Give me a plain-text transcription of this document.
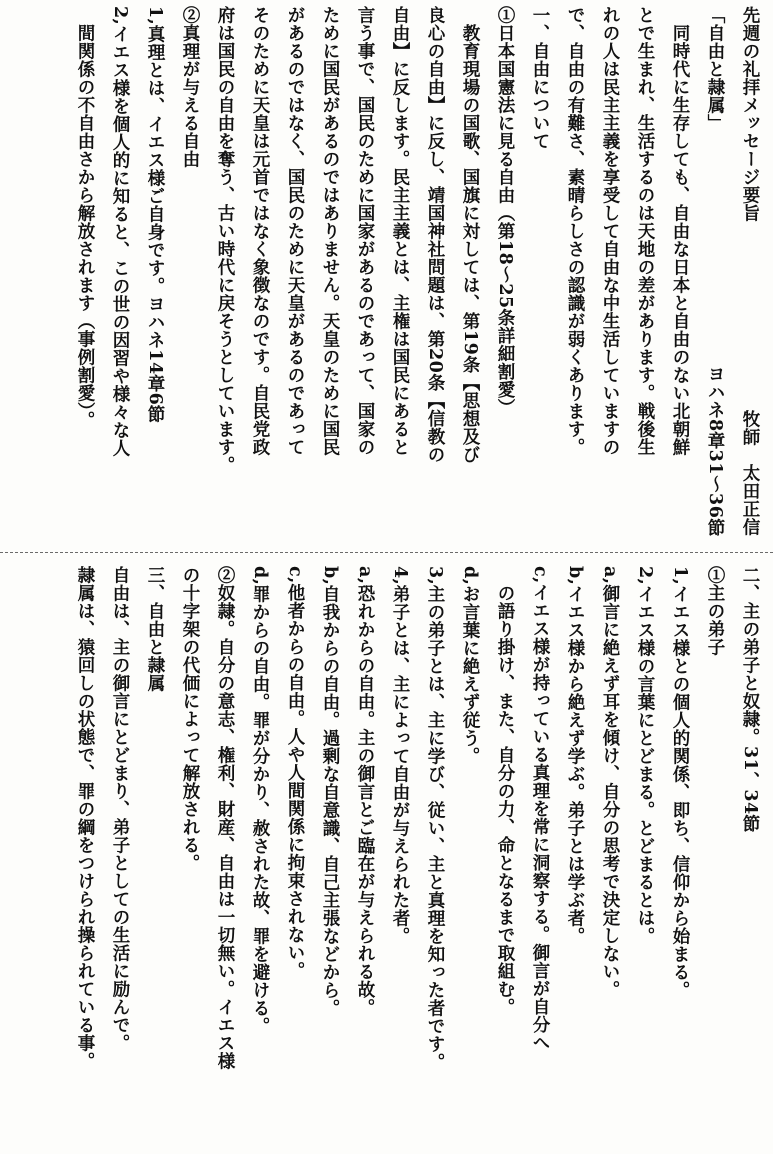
先週の礼拝メッセージ要旨
牧師　太田正信
「自由と隷属」
ヨハネ8章31～36節
同時代に生存しても、自由な日本と自由のない北朝鮮
とで生まれ、生活するのは天地の差があります。戦後生
れの人は民主主義を享受して自由な中生活していますの
で、自由の有難さ、素晴らしさの認識が弱くあります。
一、自由について
①日本国憲法に見る自由（第18～25条詳細割愛）
教育現場の国歌、国旗に対しては、第19条【思想及び
良心の自由】に反し、靖国神社問題は、第20条【信教の
自由】に反します。民主主義とは、主権は国民にあると
言う事で、国民のために国家があるのであって、国家の
ために国民があるのではありません。天皇のために国民
があるのではなく、国民のために天皇があるのであって
そのために天皇は元首ではなく象徴なのです。自民党政
府は国民の自由を奪う、古い時代に戻そうとしています。
②真理が与える自由
1,真理とは、イエス様ご自身です。ヨハネ14章6節
2,イエス様を個人的に知ると、この世の因習や様々な人
間関係の不自由さから解放されます（事例割愛）。
二、主の弟子と奴隷。31、34節
①主の弟子
1,イエス様との個人的関係、即ち、信仰から始まる。
2,イエス様の言葉にとどまる。とどまるとは。
a,御言に絶えず耳を傾け、自分の思考で決定しない。
b,イエス様から絶えず学ぶ。弟子とは学ぶ者。
c,イエス様が持っている真理を常に洞察する。御言が自分へ
の語り掛け、また、自分の力、命となるまで取組む。
d,お言葉に絶えず従う。
3,主の弟子とは、主に学び、従い、主と真理を知った者です。
4,弟子とは、主によって自由が与えられた者。
a,恐れからの自由。主の御言とご臨在が与えられる故。
b,自我からの自由。過剰な自意識、自己主張などから。
c,他者からの自由。人や人間関係に拘束されない。
d,罪からの自由。罪が分かり、赦された故、罪を避ける。
②奴隷。自分の意志、権利、財産、自由は一切無い。イエス様
の十字架の代価によって解放される。
三、自由と隷属
自由は、主の御言にとどまり、弟子としての生活に励んで。
隷属は、猿回しの状態で、罪の綱をつけられ操られている事。
